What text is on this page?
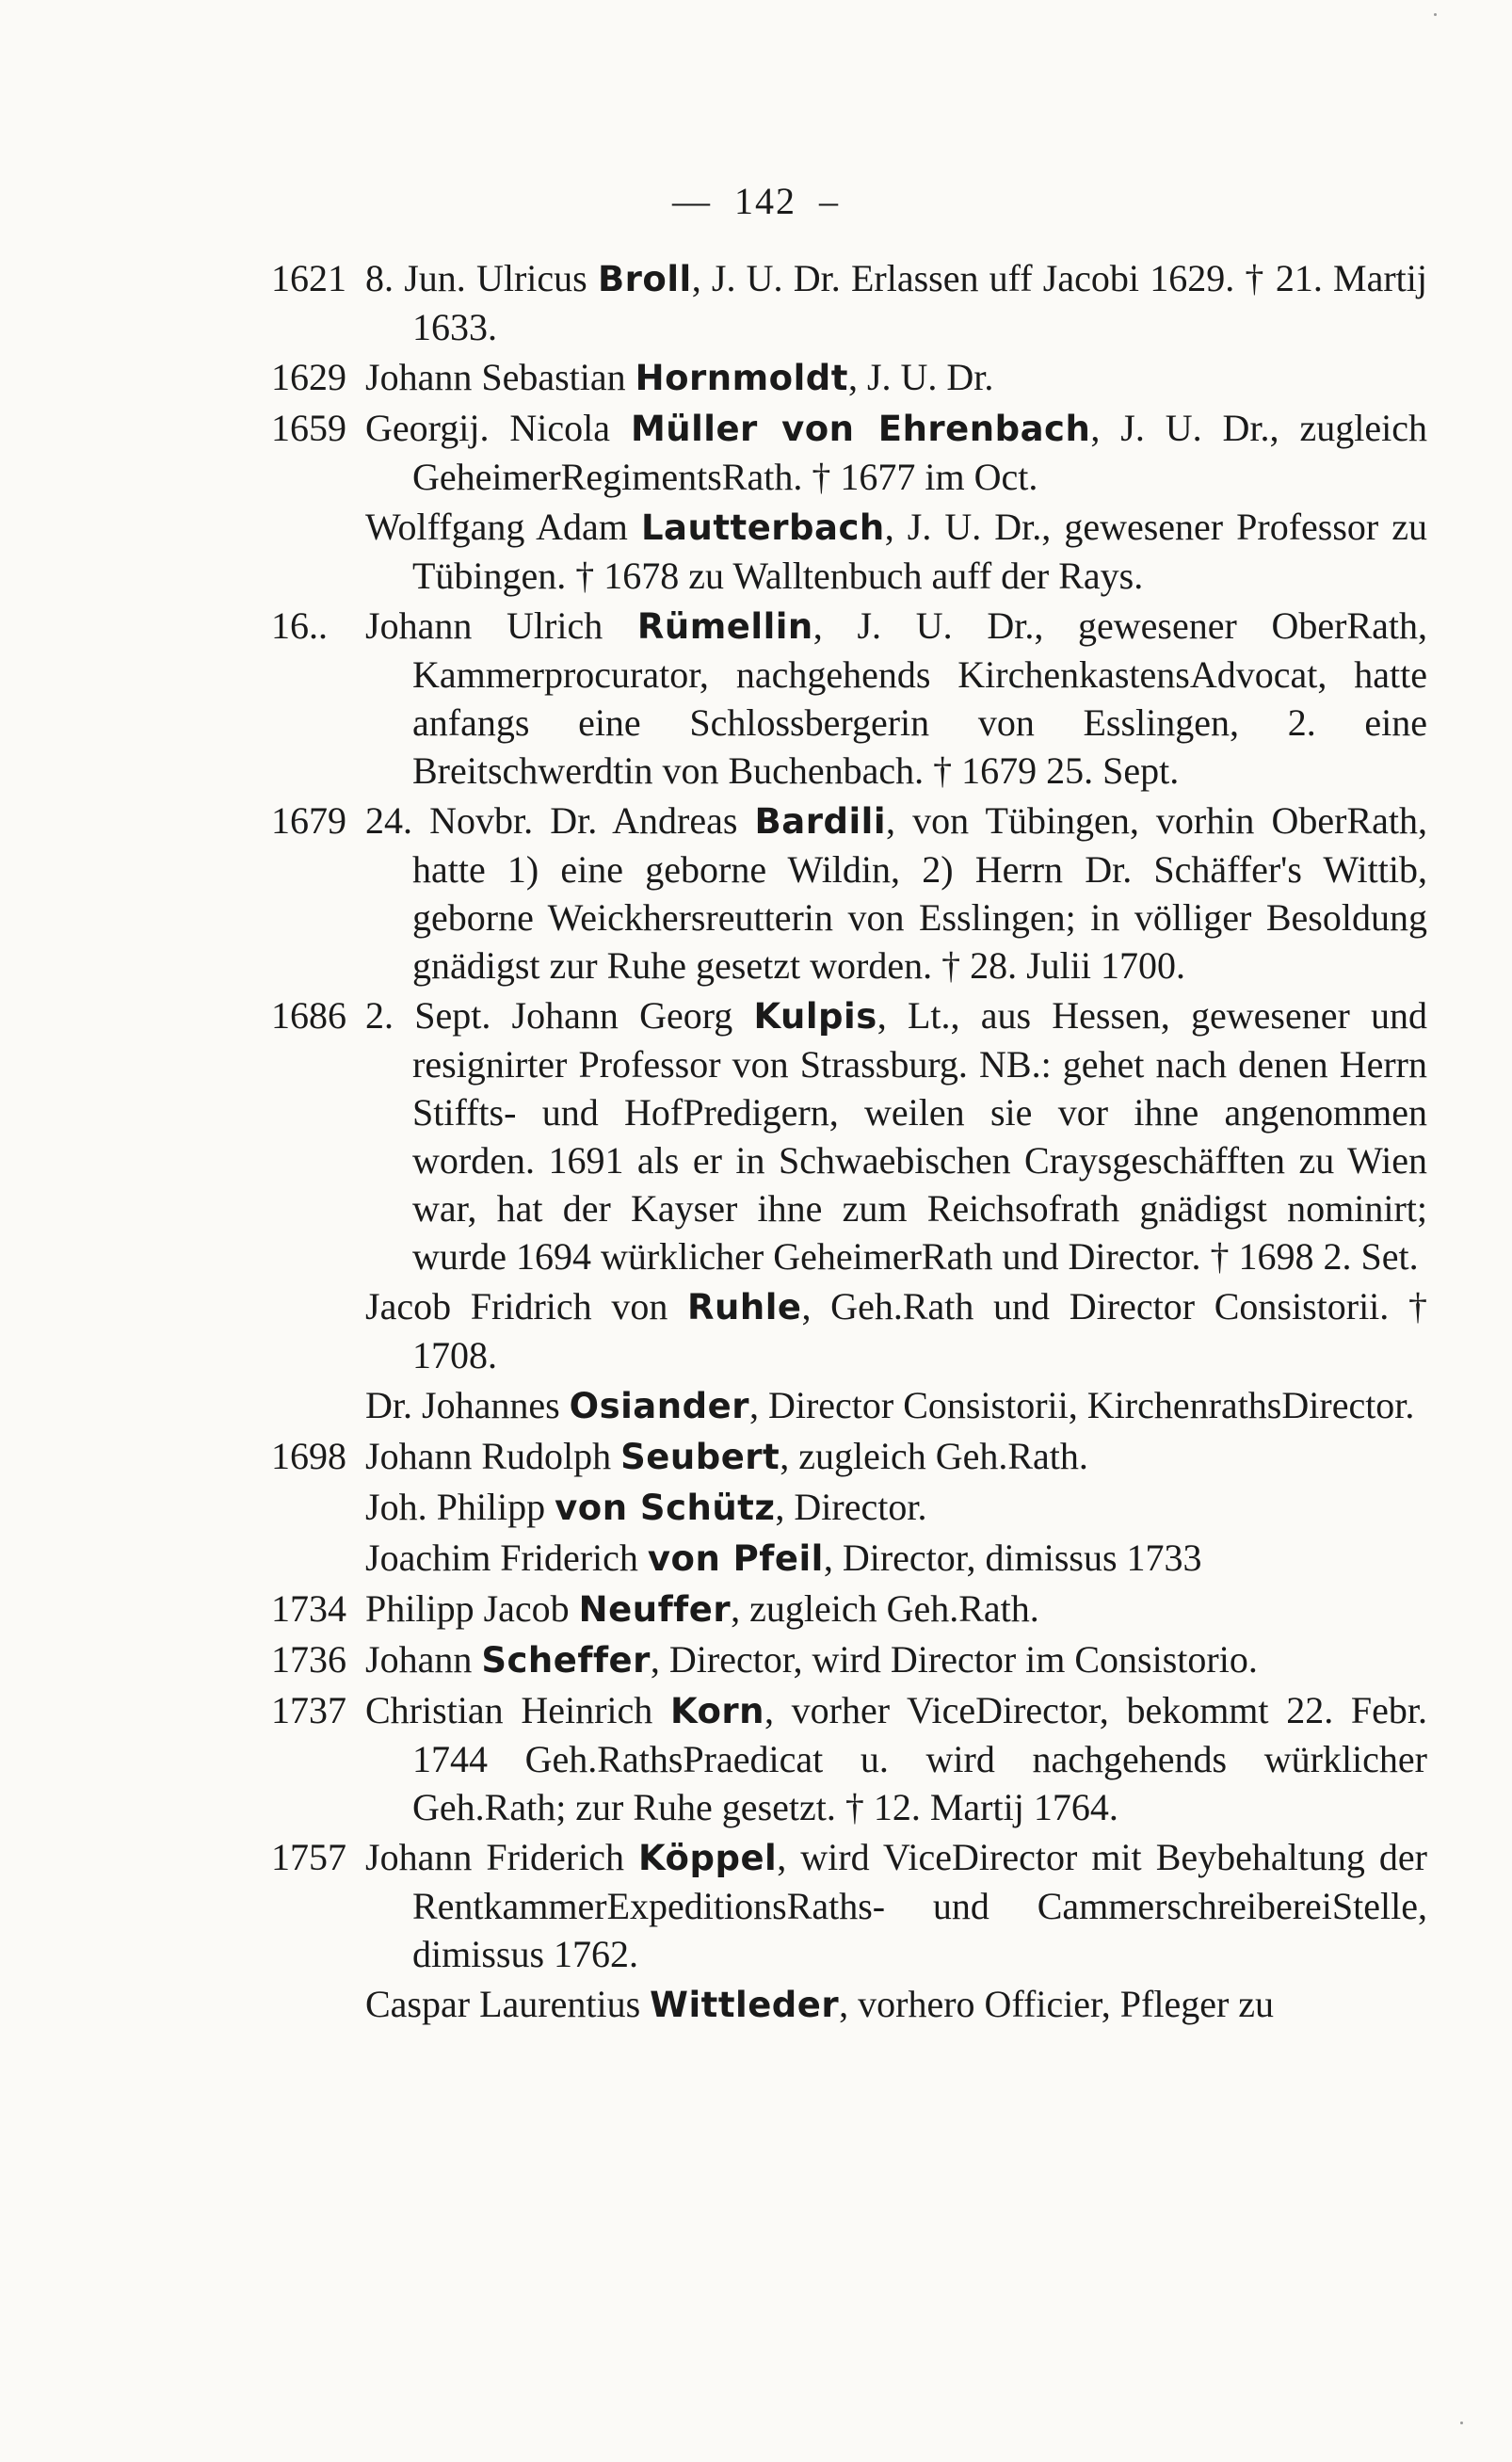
— 142 –
1621 8. Jun. Ulricus Broll, J. U. Dr. Erlassen uff Jacobi 1629. † 21. Martij 1633.
1629 Johann Sebastian Hornmoldt, J. U. Dr.
1659 Georgij. Nicola Müller von Ehrenbach, J. U. Dr., zugleich GeheimerRegimentsRath. † 1677 im Oct.
Wolffgang Adam Lautterbach, J. U. Dr., gewesener Professor zu Tübingen. † 1678 zu Walltenbuch auff der Rays.
16..	Johann Ulrich Rümellin, J. U. Dr., gewesener OberRath, Kammerprocurator, nachgehends KirchenkastensAdvocat, hatte anfangs eine Schlossbergerin von Esslingen, 2. eine Breitschwerdtin von Buchenbach. † 1679 25. Sept.
1679 24. Novbr. Dr. Andreas Bardili, von Tübingen, vorhin OberRath, hatte 1) eine geborne Wildin, 2) Herrn Dr. Schäffer's Wittib, geborne Weickhersreutterin von Esslingen; in völliger Besoldung gnädigst zur Ruhe gesetzt worden. † 28. Julii 1700.
1686 2. Sept. Johann Georg Kulpis, Lt., aus Hessen, gewesener und resignirter Professor von Strassburg. NB.: gehet nach denen Herrn Stiffts- und HofPredigern, weilen sie vor ihne angenommen worden. 1691 als er in Schwaebischen Craysgeschäfften zu Wien war, hat der Kayser ihne zum Reichsofrath gnädigst nominirt; wurde 1694 würklicher GeheimerRath und Director. † 1698 2. Set.
Jacob Fridrich von Ruhle, Geh.Rath und Director Consistorii. † 1708.
Dr. Johannes Osiander, Director Consistorii, KirchenrathsDirector.
1698 Johann Rudolph Seubert, zugleich Geh.Rath.
Joh. Philipp von Schütz, Director.
Joachim Friderich von Pfeil, Director, dimissus 1733
1734 Philipp Jacob Neuffer, zugleich Geh.Rath.
1736 Johann Scheffer, Director, wird Director im Consistorio.
1737 Christian Heinrich Korn, vorher ViceDirector, bekommt 22. Febr. 1744 Geh.RathsPraedicat u. wird nachgehends würklicher Geh.Rath; zur Ruhe gesetzt. † 12. Martij 1764.
1757 Johann Friderich Köppel, wird ViceDirector mit Beybehaltung der RentkammerExpeditionsRaths- und CammerschreibereiStelle, dimissus 1762.
Caspar Laurentius Wittleder, vorhero Officier, Pfleger zu
